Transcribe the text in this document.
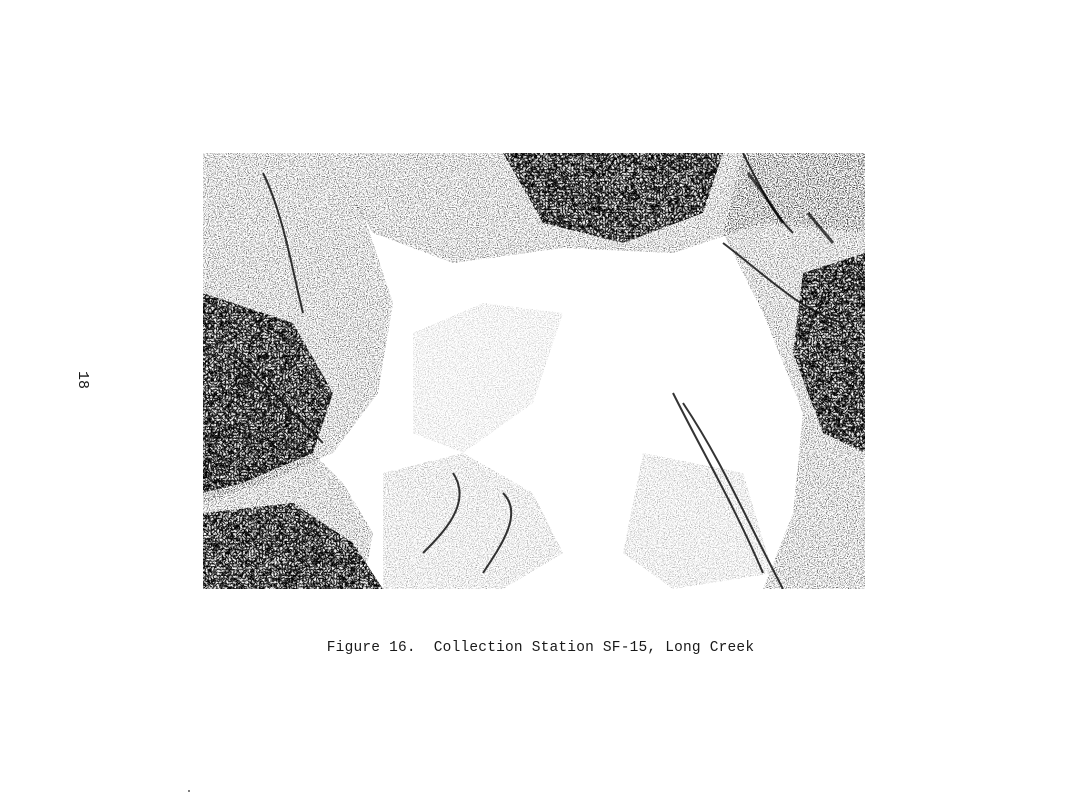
18
Figure 16. Collection Station SF-15, Long Creek
